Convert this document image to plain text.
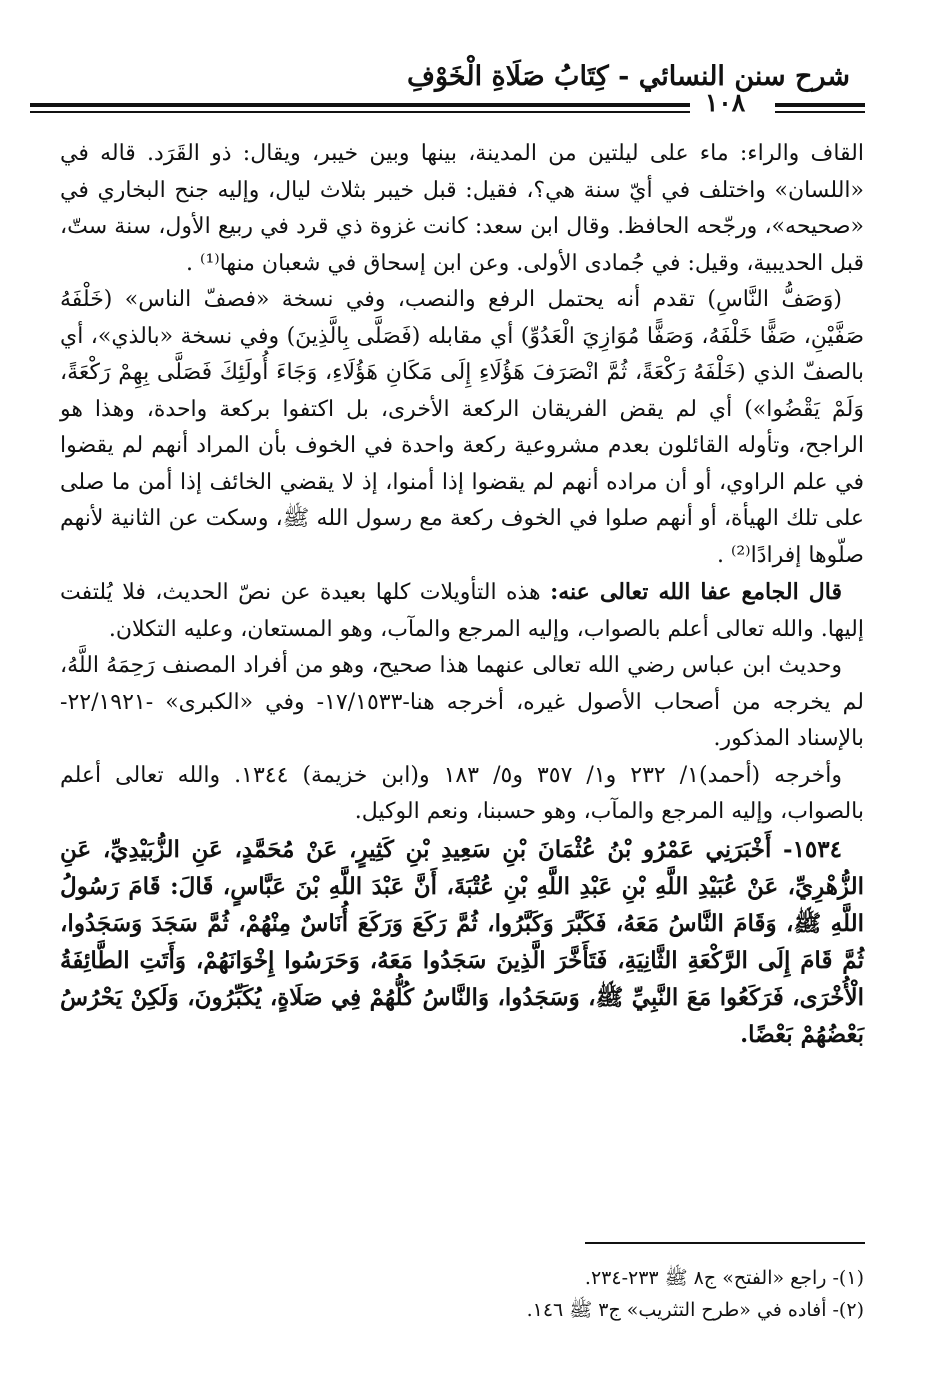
شرح سنن النسائي - كِتَابُ صَلَاةِ الْخَوْفِ
١٠٨

القاف والراء: ماء على ليلتين من المدينة، بينها وبين خيبر، ويقال: ذو القَرَد. قاله في «اللسان» واختلف في أيّ سنة هي؟، فقيل: قبل خيبر بثلاث ليال، وإليه جنح البخاري في «صحيحه»، ورجّحه الحافظ. وقال ابن سعد: كانت غزوة ذي قرد في ربيع الأول، سنة ستّ، قبل الحديبية، وقيل: في جُمادى الأولى. وعن ابن إسحاق في شعبان منها⁽¹⁾ .

(وَصَفُّ النَّاسِ) تقدم أنه يحتمل الرفع والنصب، وفي نسخة «فصفّ الناس» (خَلْفَهُ صَفَّيْنِ، صَفًّا خَلْفَهُ، وَصَفًّا مُوَازِيَ الْعَدُوِّ) أي مقابله (فَصَلَّى بِالَّذِينَ) وفي نسخة «بالذي»، أي بالصفّ الذي (خَلْفَهُ رَكْعَةً، ثُمَّ انْصَرَفَ هَؤُلَاءِ إِلَى مَكَانِ هَؤُلَاءِ، وَجَاءَ أُولَئِكَ فَصَلَّى بِهِمْ رَكْعَةً، وَلَمْ يَقْضُوا») أي لم يقض الفريقان الركعة الأخرى، بل اكتفوا بركعة واحدة، وهذا هو الراجح، وتأوله القائلون بعدم مشروعية ركعة واحدة في الخوف بأن المراد أنهم لم يقضوا في علم الراوي، أو أن مراده أنهم لم يقضوا إذا أمنوا، إذ لا يقضي الخائف إذا أمن ما صلى على تلك الهيأة، أو أنهم صلوا في الخوف ركعة مع رسول الله ﷺ، وسكت عن الثانية لأنهم صلّوها إفرادًا⁽²⁾ .

قال الجامع عفا الله تعالى عنه: هذه التأويلات كلها بعيدة عن نصّ الحديث، فلا يُلتفت إليها. والله تعالى أعلم بالصواب، وإليه المرجع والمآب، وهو المستعان، وعليه التكلان.

وحديث ابن عباس رضي الله تعالى عنهما هذا صحيح، وهو من أفراد المصنف رَحِمَهُ اللَّهُ، لم يخرجه من أصحاب الأصول غيره، أخرجه هنا-١٧/١٥٣٣- وفي «الكبرى» -٢٢/١٩٢١- بالإسناد المذكور.

وأخرجه (أحمد)١/ ٢٣٢ و١/ ٣٥٧ و٥/ ١٨٣ و(ابن خزيمة) ١٣٤٤. والله تعالى أعلم بالصواب، وإليه المرجع والمآب، وهو حسبنا، ونعم الوكيل.

١٥٣٤- أَخْبَرَنِي عَمْرُو بْنُ عُثْمَانَ بْنِ سَعِيدِ بْنِ كَثِيرٍ، عَنْ مُحَمَّدٍ، عَنِ الزُّبَيْدِيِّ، عَنِ الزُّهْرِيِّ، عَنْ عُبَيْدِ اللَّهِ بْنِ عَبْدِ اللَّهِ بْنِ عُتْبَةَ، أَنَّ عَبْدَ اللَّهِ بْنَ عَبَّاسٍ، قَالَ: قَامَ رَسُولُ اللَّهِ ﷺ، وَقَامَ النَّاسُ مَعَهُ، فَكَبَّرَ وَكَبَّرُوا، ثُمَّ رَكَعَ وَرَكَعَ أُنَاسٌ مِنْهُمْ، ثُمَّ سَجَدَ وَسَجَدُوا، ثُمَّ قَامَ إِلَى الرَّكْعَةِ الثَّانِيَةِ، فَتَأَخَّرَ الَّذِينَ سَجَدُوا مَعَهُ، وَحَرَسُوا إِخْوَانَهُمْ، وَأَتَتِ الطَّائِفَةُ الْأُخْرَى، فَرَكَعُوا مَعَ النَّبِيِّ ﷺ، وَسَجَدُوا، وَالنَّاسُ كُلُّهُمْ فِي صَلَاةٍ، يُكَبِّرُونَ، وَلَكِنْ يَحْرُسُ بَعْضُهُمْ بَعْضًا.

(١)- راجع «الفتح» ج٨ ﷺ ٢٣٣-٢٣٤.

(٢)- أفاده في «طرح التثريب» ج٣ ﷺ ١٤٦.
